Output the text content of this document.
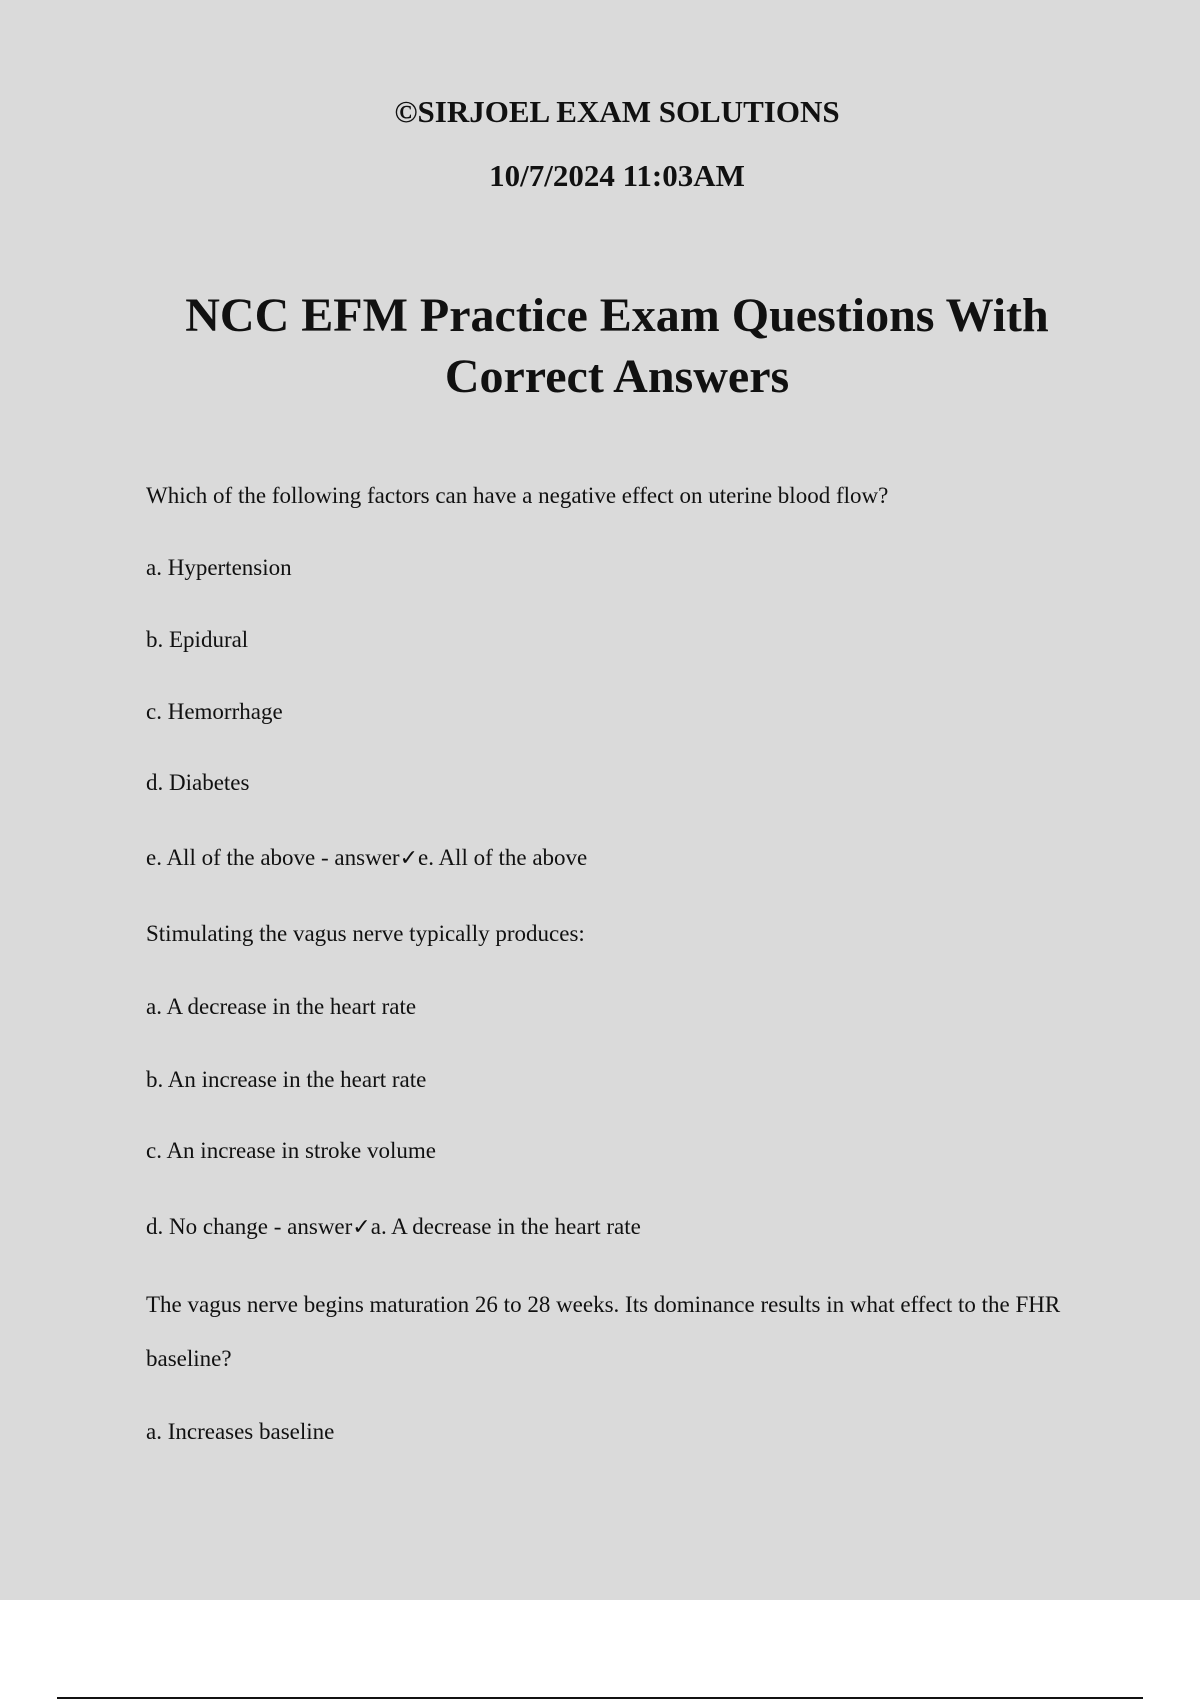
©SIRJOEL EXAM SOLUTIONS

10/7/2024 11:03AM

NCC EFM Practice Exam Questions With Correct Answers

Which of the following factors can have a negative effect on uterine blood flow?

a. Hypertension

b. Epidural

c. Hemorrhage

d. Diabetes

e. All of the above - answer✓e. All of the above

Stimulating the vagus nerve typically produces:

a. A decrease in the heart rate

b. An increase in the heart rate

c. An increase in stroke volume

d. No change - answer✓a. A decrease in the heart rate

The vagus nerve begins maturation 26 to 28 weeks. Its dominance results in what effect to the FHR baseline?

a. Increases baseline
